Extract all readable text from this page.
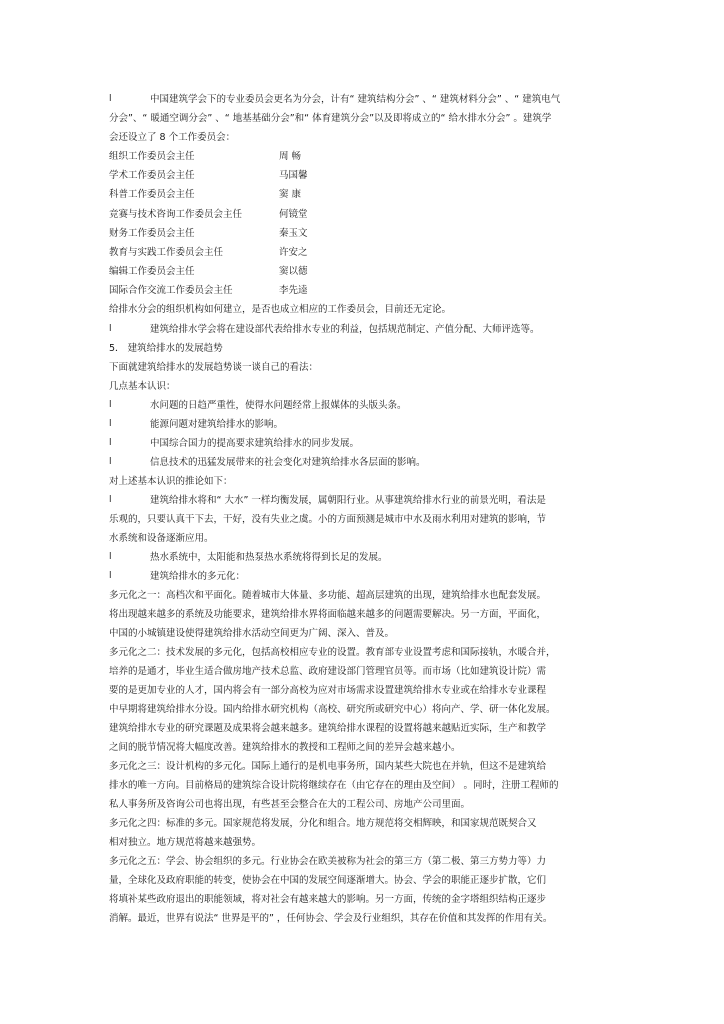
l	中国建筑学会下的专业委员会更名为分会，计有“ 建筑结构分会” 、“ 建筑材料分会” 、“ 建筑电气
分会”、“ 暖通空调分会” 、“ 地基基础分会”和“ 体育建筑分会”以及即将成立的“ 给水排水分会” 。建筑学
会还设立了 8 个工作委员会：
组织工作委员会主任	周 畅
学术工作委员会主任	马国馨
科普工作委员会主任	窦 康
竞赛与技术咨询工作委员会主任	何镜堂
财务工作委员会主任	秦玉文
教育与实践工作委员会主任	许安之
编辑工作委员会主任	窦以德
国际合作交流工作委员会主任	李先逵
给排水分会的组织机构如何建立，是否也成立相应的工作委员会，目前还无定论。
l	建筑给排水学会将在建设部代表给排水专业的利益，包括规范制定、产值分配、大师评选等。
5． 建筑给排水的发展趋势
下面就建筑给排水的发展趋势谈一谈自己的看法：
几点基本认识：
l	水问题的日趋严重性，使得水问题经常上报媒体的头版头条。
l	能源问题对建筑给排水的影响。
l	中国综合国力的提高要求建筑给排水的同步发展。
l	信息技术的迅猛发展带来的社会变化对建筑给排水各层面的影响。
对上述基本认识的推论如下：
l	建筑给排水将和“ 大水” 一样均衡发展，属朝阳行业。从事建筑给排水行业的前景光明，看法是
乐观的，只要认真干下去，干好，没有失业之虞。小的方面预测是城市中水及雨水利用对建筑的影响，节
水系统和设备逐渐应用。
l	热水系统中，太阳能和热泵热水系统将得到长足的发展。
l	建筑给排水的多元化：
多元化之一：高档次和平面化。随着城市大体量、多功能、超高层建筑的出现，建筑给排水也配套发展。
将出现越来越多的系统及功能要求，建筑给排水界将面临越来越多的问题需要解决。另一方面，平面化，
中国的小城镇建设使得建筑给排水活动空间更为广阔、深入、普及。
多元化之二：技术发展的多元化，包括高校相应专业的设置。教育部专业设置考虑和国际接轨，水暖合并，
培养的是通才，毕业生适合做房地产技术总监、政府建设部门管理官员等。而市场（比如建筑设计院）需
要的是更加专业的人才，国内将会有一部分高校为应对市场需求设置建筑给排水专业或在给排水专业课程
中早期将建筑给排水分设。国内给排水研究机构（高校、研究所或研究中心）将向产、学、研一体化发展。
建筑给排水专业的研究课题及成果将会越来越多。建筑给排水课程的设置将越来越贴近实际，生产和教学
之间的脱节情况将大幅度改善。建筑给排水的教授和工程师之间的差异会越来越小。
多元化之三：设计机构的多元化。国际上通行的是机电事务所，国内某些大院也在并轨，但这不是建筑给
排水的唯一方向。目前格局的建筑综合设计院将继续存在（由它存在的理由及空间） 。同时，注册工程师的
私人事务所及咨询公司也将出现，有些甚至会整合在大的工程公司、房地产公司里面。
多元化之四：标准的多元。国家规范将发展，分化和组合。地方规范将交相辉映，和国家规范既契合又
相对独立。地方规范将越来越强势。
多元化之五：学会、协会组织的多元。行业协会在欧美被称为社会的第三方（第二极、第三方势力等）力
量，全球化及政府职能的转变，使协会在中国的发展空间逐渐增大。协会、学会的职能正逐步扩散，它们
将填补某些政府退出的职能领域，将对社会有越来越大的影响。另一方面，传统的金字塔组织结构正逐步
消解。最近，世界有说法“ 世界是平的” ，任何协会、学会及行业组织，其存在价值和其发挥的作用有关。
